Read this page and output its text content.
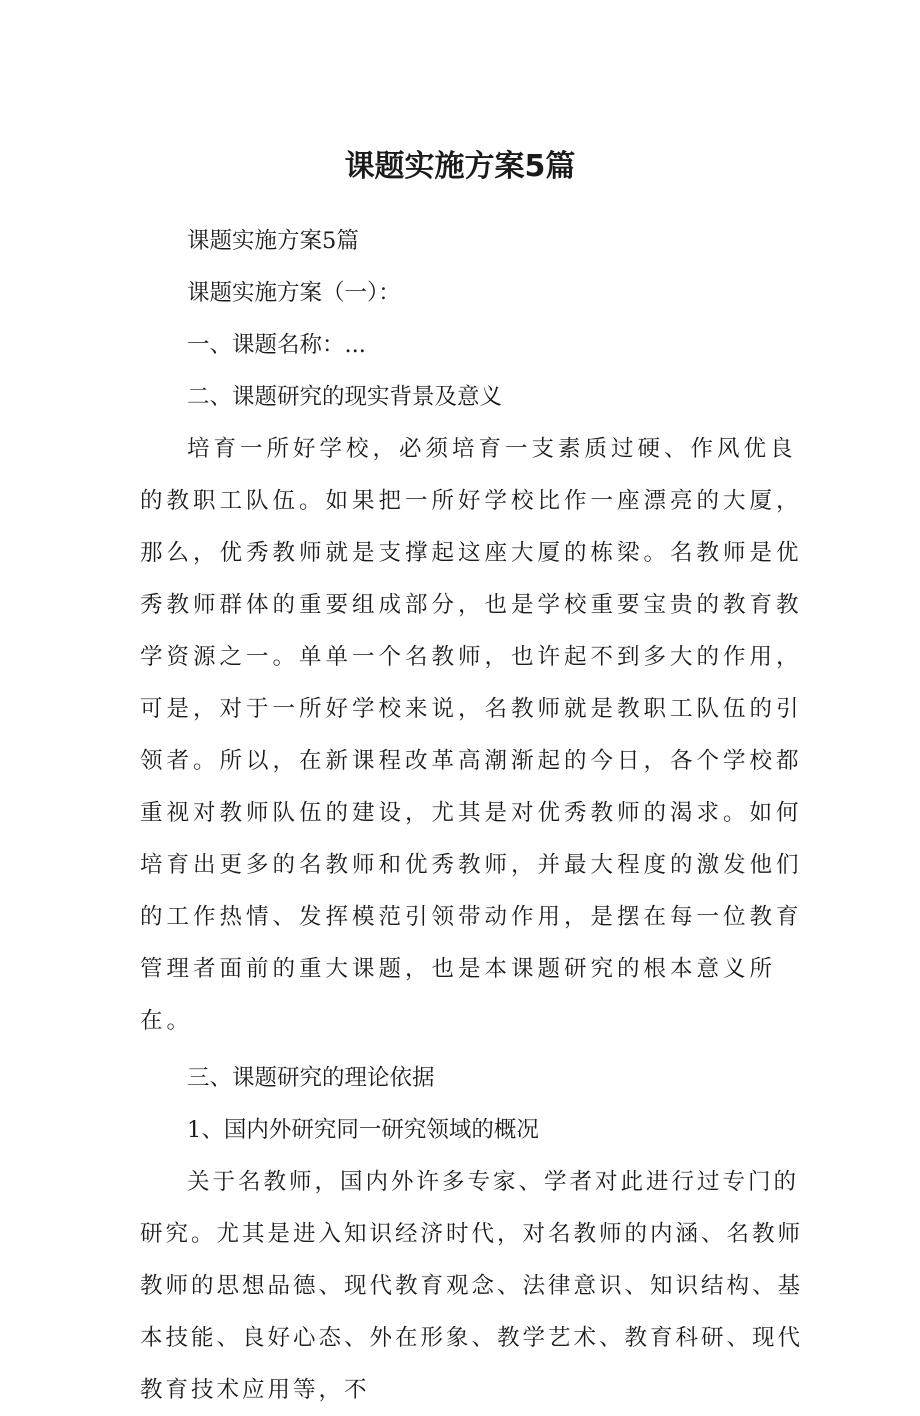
课题实施方案5篇

课题实施方案5篇

课题实施方案（一）：

一、课题名称：...

二、课题研究的现实背景及意义

培育一所好学校，必须培育一支素质过硬、作风优良的教职工队伍。如果把一所好学校比作一座漂亮的大厦，那么，优秀教师就是支撑起这座大厦的栋梁。名教师是优秀教师群体的重要组成部分，也是学校重要宝贵的教育教学资源之一。单单一个名教师，也许起不到多大的作用，可是，对于一所好学校来说，名教师就是教职工队伍的引领者。所以，在新课程改革高潮渐起的今日，各个学校都重视对教师队伍的建设，尤其是对优秀教师的渴求。如何培育出更多的名教师和优秀教师，并最大程度的激发他们的工作热情、发挥模范引领带动作用，是摆在每一位教育管理者面前的重大课题，也是本课题研究的根本意义所在。

三、课题研究的理论依据

1、国内外研究同一研究领域的概况

关于名教师，国内外许多专家、学者对此进行过专门的研究。尤其是进入知识经济时代，对名教师的内涵、名教师教师的思想品德、现代教育观念、法律意识、知识结构、基本技能、良好心态、外在形象、教学艺术、教育科研、现代教育技术应用等，不
